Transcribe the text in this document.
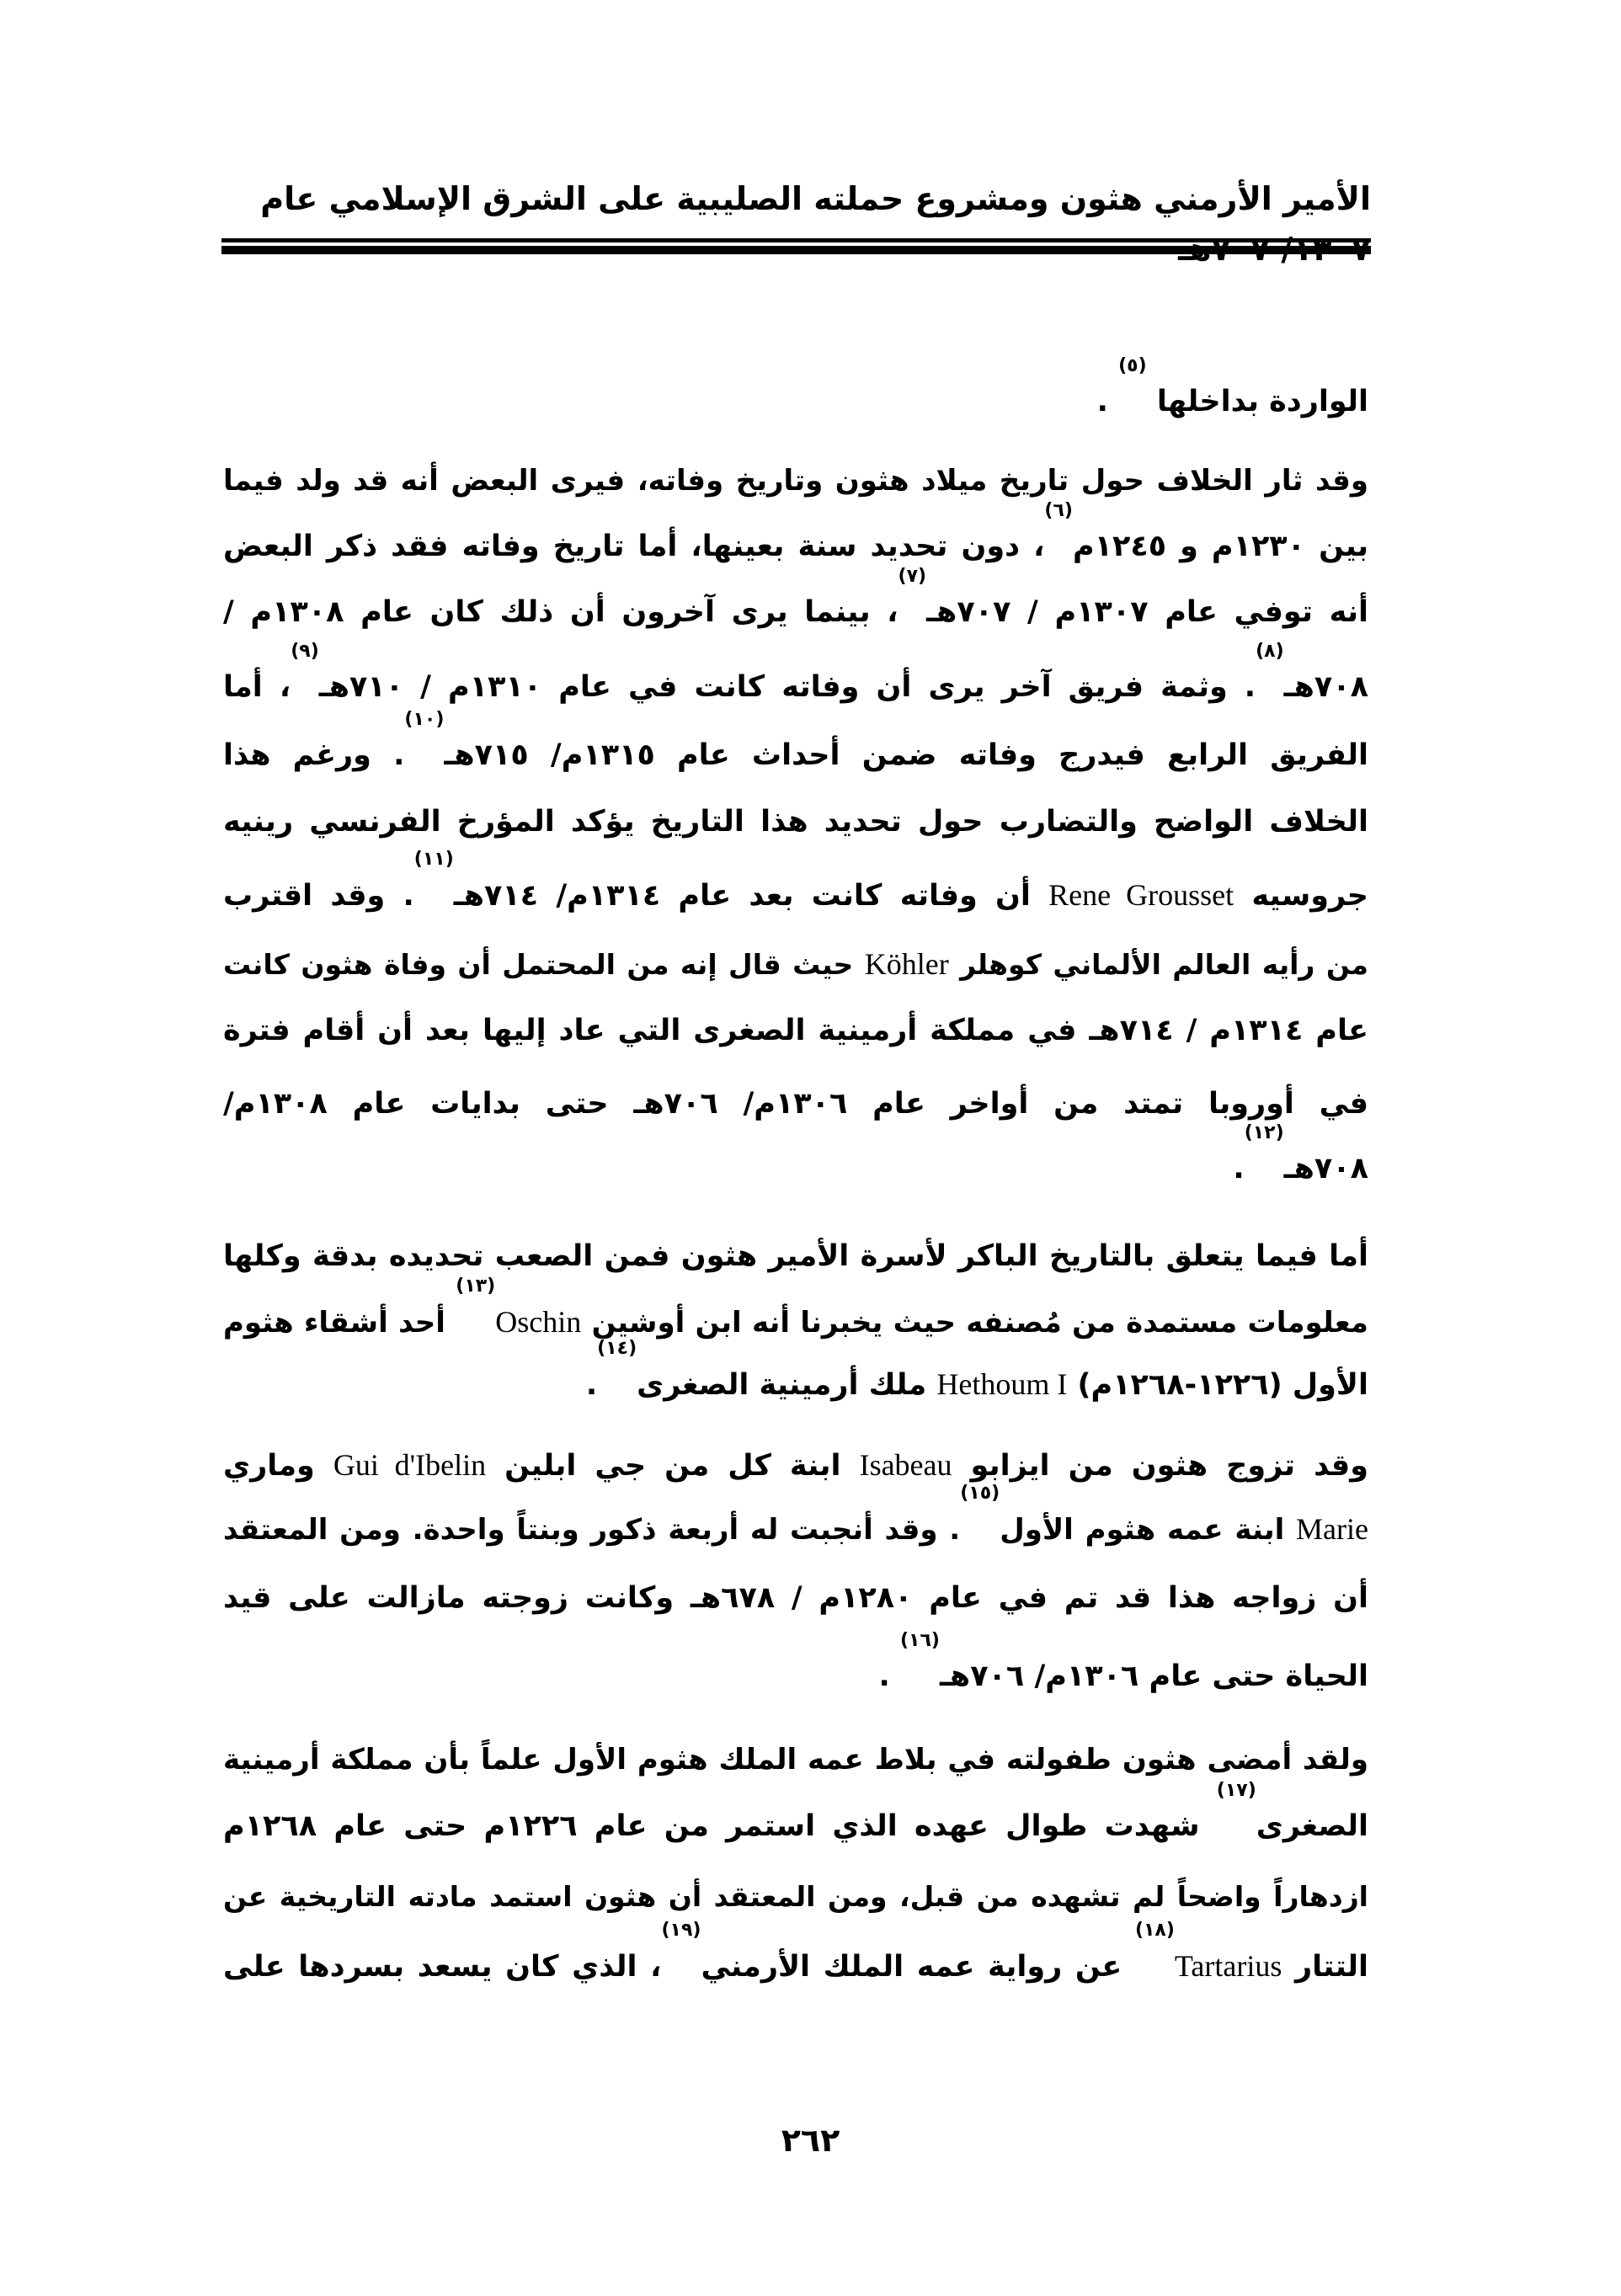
الأمير الأرمني هثون ومشروع حملته الصليبية على الشرق الإسلامي عام
الواردة بداخلها $^{(٥)}$ .
وقد ثار الخلاف حول تاريخ ميلاد هثون وتاريخ وفاته، فيرى البعض أنه قد ولد فيما
بين ١٢٣٠م و ١٢٤٥م$^{(٦)}$، دون تحديد سنة بعينها، أما تاريخ وفاته فقد ذكر البعض
أنه توفي عام ١٣٠٧م / ٧٠٧هـ$^{(٧)}$، بينما يرى آخرون أن ذلك كان عام ١٣٠٨م /
٧٠٨هـ$^{(٨)}$. وثمة فريق آخر يرى أن وفاته كانت في عام ١٣١٠م / ٧١٠هـ$^{(٩)}$، أما
الفريق الرابع فيدرج وفاته ضمن أحداث عام ١٣١٥م/ ٧١٥هـ$^{(١٠)}$. ورغم هذا
الخلاف الواضح والتضارب حول تحديد هذا التاريخ يؤكد المؤرخ الفرنسي رينيه
جروسيه Rene Grousset أن وفاته كانت بعد عام ١٣١٤م/ ٧١٤هـ$^{(١١)}$. وقد اقترب
من رأيه العالم الألماني كوهلر Köhler حيث قال إنه من المحتمل أن وفاة هثون كانت
عام ١٣١٤م / ٧١٤هـ في مملكة أرمينية الصغرى التي عاد إليها بعد أن أقام فترة
في أوروبا تمتد من أواخر عام ١٣٠٦م/ ٧٠٦هـ حتى بدايات عام ١٣٠٨م/
٧٠٨هـ$^{(١٢)}$.
أما فيما يتعلق بالتاريخ الباكر لأسرة الأمير هثون فمن الصعب تحديده بدقة وكلها
معلومات مستمدة من مُصنفه حيث يخبرنا أنه ابن أوشين Oschin$^{(١٣)}$ أحد أشقاء هثوم
الأول (١٢٢٦-١٢٦٨م) Hethoum I ملك أرمينية الصغرى$^{(١٤)}$.
وقد تزوج هثون من ايزابو Isabeau ابنة كل من جي ابلين Gui d'Ibelin وماري
Marie ابنة عمه هثوم الأول$^{(١٥)}$. وقد أنجبت له أربعة ذكور وبنتاً واحدة. ومن المعتقد
أن زواجه هذا قد تم في عام ١٢٨٠م / ٦٧٨هـ وكانت زوجته مازالت على قيد
الحياة حتى عام ١٣٠٦م/ ٧٠٦هـ$^{(١٦)}$ .
ولقد أمضى هثون طفولته في بلاط عمه الملك هثوم الأول علماً بأن مملكة أرمينية
الصغرى$^{(١٧)}$ شهدت طوال عهده الذي استمر من عام ١٢٢٦م حتى عام ١٢٦٨م
ازدهاراً واضحاً لم تشهده من قبل، ومن المعتقد أن هثون استمد مادته التاريخية عن
التتار Tartarius$^{(١٨)}$ عن رواية عمه الملك الأرمني$^{(١٩)}$، الذي كان يسعد بسردها على
٢٦٢
